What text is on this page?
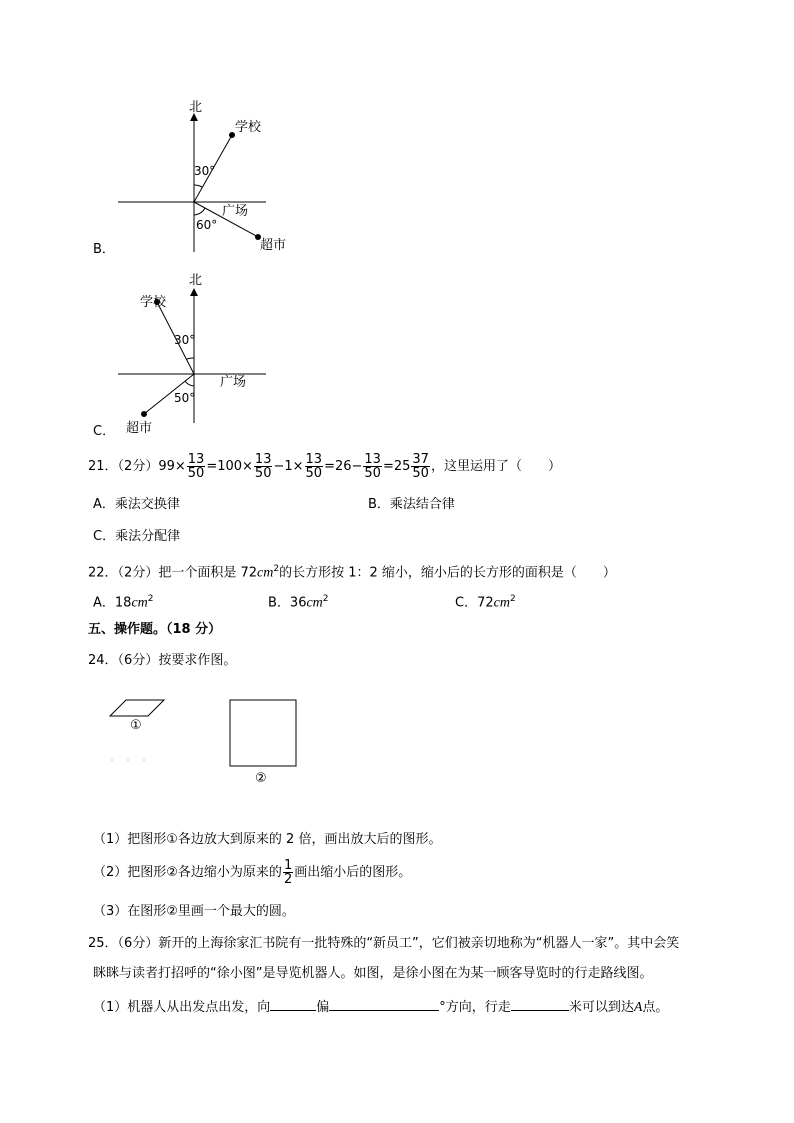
北
学校
30°
广场
60°
超市
B．
北
学校
30°
广场
50°
超市
C．
21．（2分）$99\times \frac{13}{50} =100\times \frac{13}{50} -1\times \frac{13}{50} =26- \frac{13}{50} =25 \frac{37}{50}$ ，这里运用了（　　）
A．乘法交换律	B．乘法结合律
C．乘法分配律
22．（2分）把一个面积是 $72cm^2$的长方形按 1：2 缩小，缩小后的长方形的面积是（　　）
A．$18cm^2$	B．$36cm^2$	C．$72cm^2$
五、操作题。（18 分）
24．（6分）按要求作图。
①
②
（1）把图形①各边放大到原来的 2 倍，画出放大后的图形。
（2）把图形②各边缩小为原来的 $\frac{1}{2}$ 画出缩小后的图形。
（3）在图形②里画一个最大的圆。
25．（6分）新开的上海徐家汇书院有一批特殊的“新员工”，它们被亲切地称为“机器人一家”。其中会笑
眯眯与读者打招呼的“徐小图”是导览机器人。如图，是徐小图在为某一顾客导览时的行走路线图。
（1）机器人从出发点出发，向	偏	°方向，行走	米可以到达A点。
